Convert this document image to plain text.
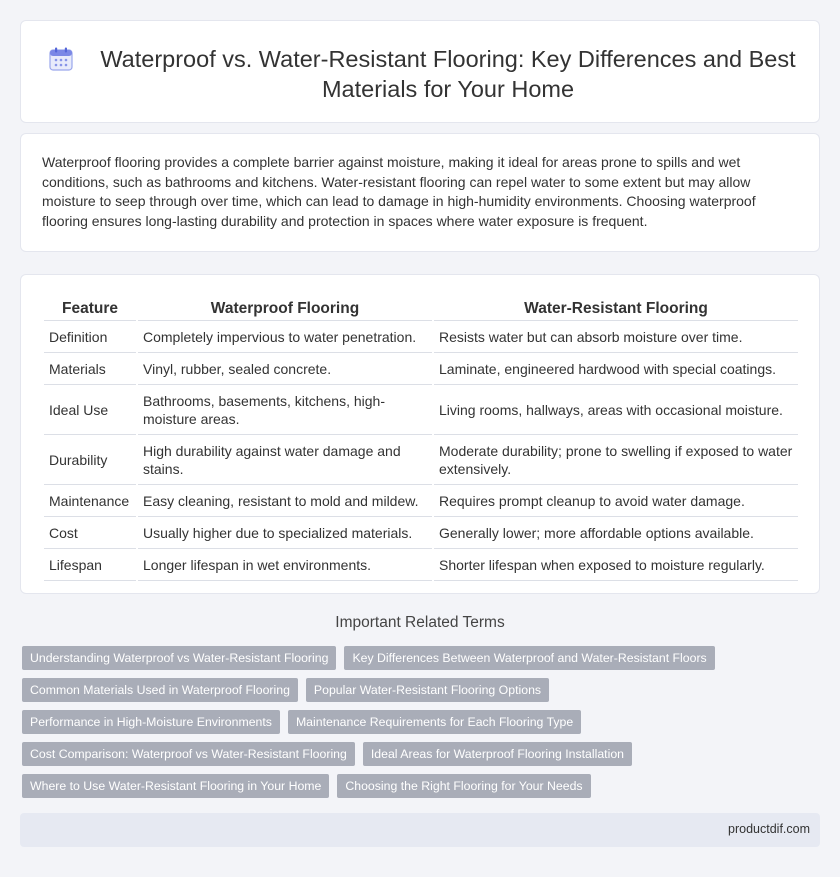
Waterproof vs. Water-Resistant Flooring: Key Differences and Best Materials for Your Home

Waterproof flooring provides a complete barrier against moisture, making it ideal for areas prone to spills and wet conditions, such as bathrooms and kitchens. Water-resistant flooring can repel water to some extent but may allow moisture to seep through over time, which can lead to damage in high-humidity environments. Choosing waterproof flooring ensures long-lasting durability and protection in spaces where water exposure is frequent.

Feature	Waterproof Flooring	Water-Resistant Flooring
Definition	Completely impervious to water penetration.	Resists water but can absorb moisture over time.
Materials	Vinyl, rubber, sealed concrete.	Laminate, engineered hardwood with special coatings.
Ideal Use	Bathrooms, basements, kitchens, high-moisture areas.	Living rooms, hallways, areas with occasional moisture.
Durability	High durability against water damage and stains.	Moderate durability; prone to swelling if exposed to water extensively.
Maintenance	Easy cleaning, resistant to mold and mildew.	Requires prompt cleanup to avoid water damage.
Cost	Usually higher due to specialized materials.	Generally lower; more affordable options available.
Lifespan	Longer lifespan in wet environments.	Shorter lifespan when exposed to moisture regularly.
Important Related Terms
Understanding Waterproof vs Water-Resistant Flooring	Key Differences Between Waterproof and Water-Resistant Floors
Common Materials Used in Waterproof Flooring	Popular Water-Resistant Flooring Options
Performance in High-Moisture Environments	Maintenance Requirements for Each Flooring Type
Cost Comparison: Waterproof vs Water-Resistant Flooring	Ideal Areas for Waterproof Flooring Installation
Where to Use Water-Resistant Flooring in Your Home	Choosing the Right Flooring for Your Needs
productdif.com
